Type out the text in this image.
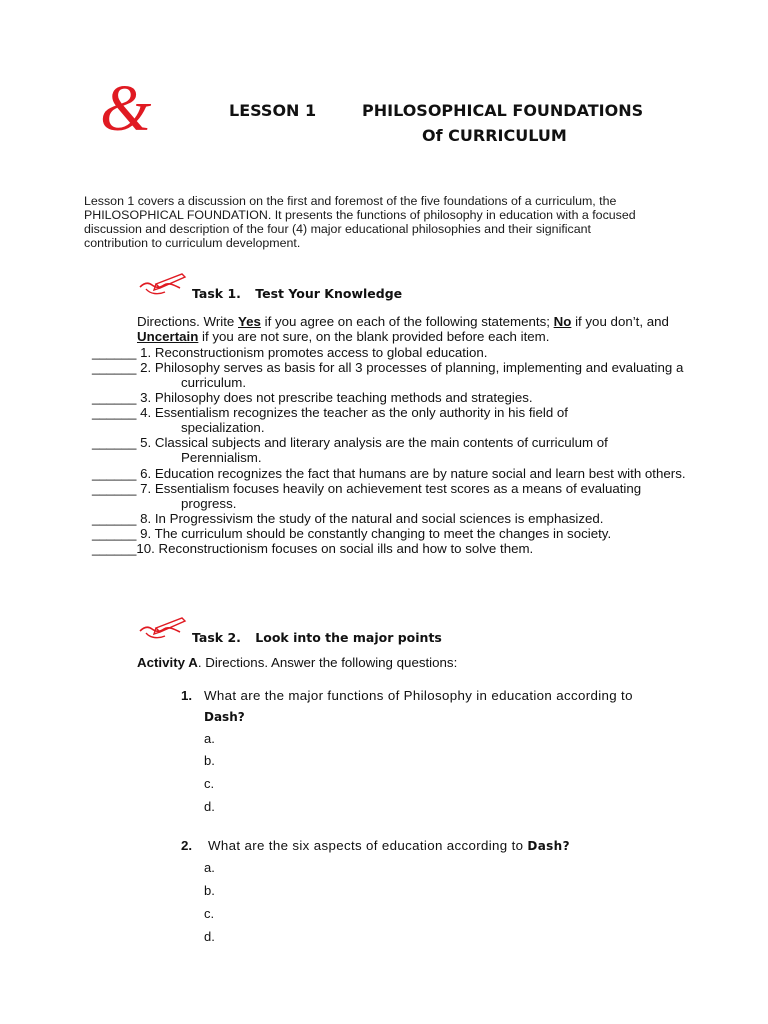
&	LESSON 1	PHILOSOPHICAL FOUNDATIONS
Of CURRICULUM

Lesson 1 covers a discussion on the first and foremost of the five foundations of a curriculum, the

PHILOSOPHICAL FOUNDATION. It presents the functions of philosophy in education with a focused

discussion and description of the four (4) major educational philosophies and their significant

contribution to curriculum development.

Task 1. Test Your Knowledge
Directions. Write Yes if you agree on each of the following statements; No if you don’t, and
Uncertain if you are not sure, on the blank provided before each item.
______ 1. Reconstructionism promotes access to global education.
______ 2. Philosophy serves as basis for all 3 processes of planning, implementing and evaluating a
curriculum.
______ 3. Philosophy does not prescribe teaching methods and strategies.
______ 4. Essentialism recognizes the teacher as the only authority in his field of
specialization.
______ 5. Classical subjects and literary analysis are the main contents of curriculum of
Perennialism.
______ 6. Education recognizes the fact that humans are by nature social and learn best with others.
______ 7. Essentialism focuses heavily on achievement test scores as a means of evaluating
progress.
______ 8. In Progressivism the study of the natural and social sciences is emphasized.
______ 9. The curriculum should be constantly changing to meet the changes in society.
______10. Reconstructionism focuses on social ills and how to solve them.
Task 2. Look into the major points
Activity A. Directions. Answer the following questions:
1. What are the major functions of Philosophy in education according to
Dash?
a.
b.
c.
d.
2. What are the six aspects of education according to Dash?
a.
b.
c.
d.
